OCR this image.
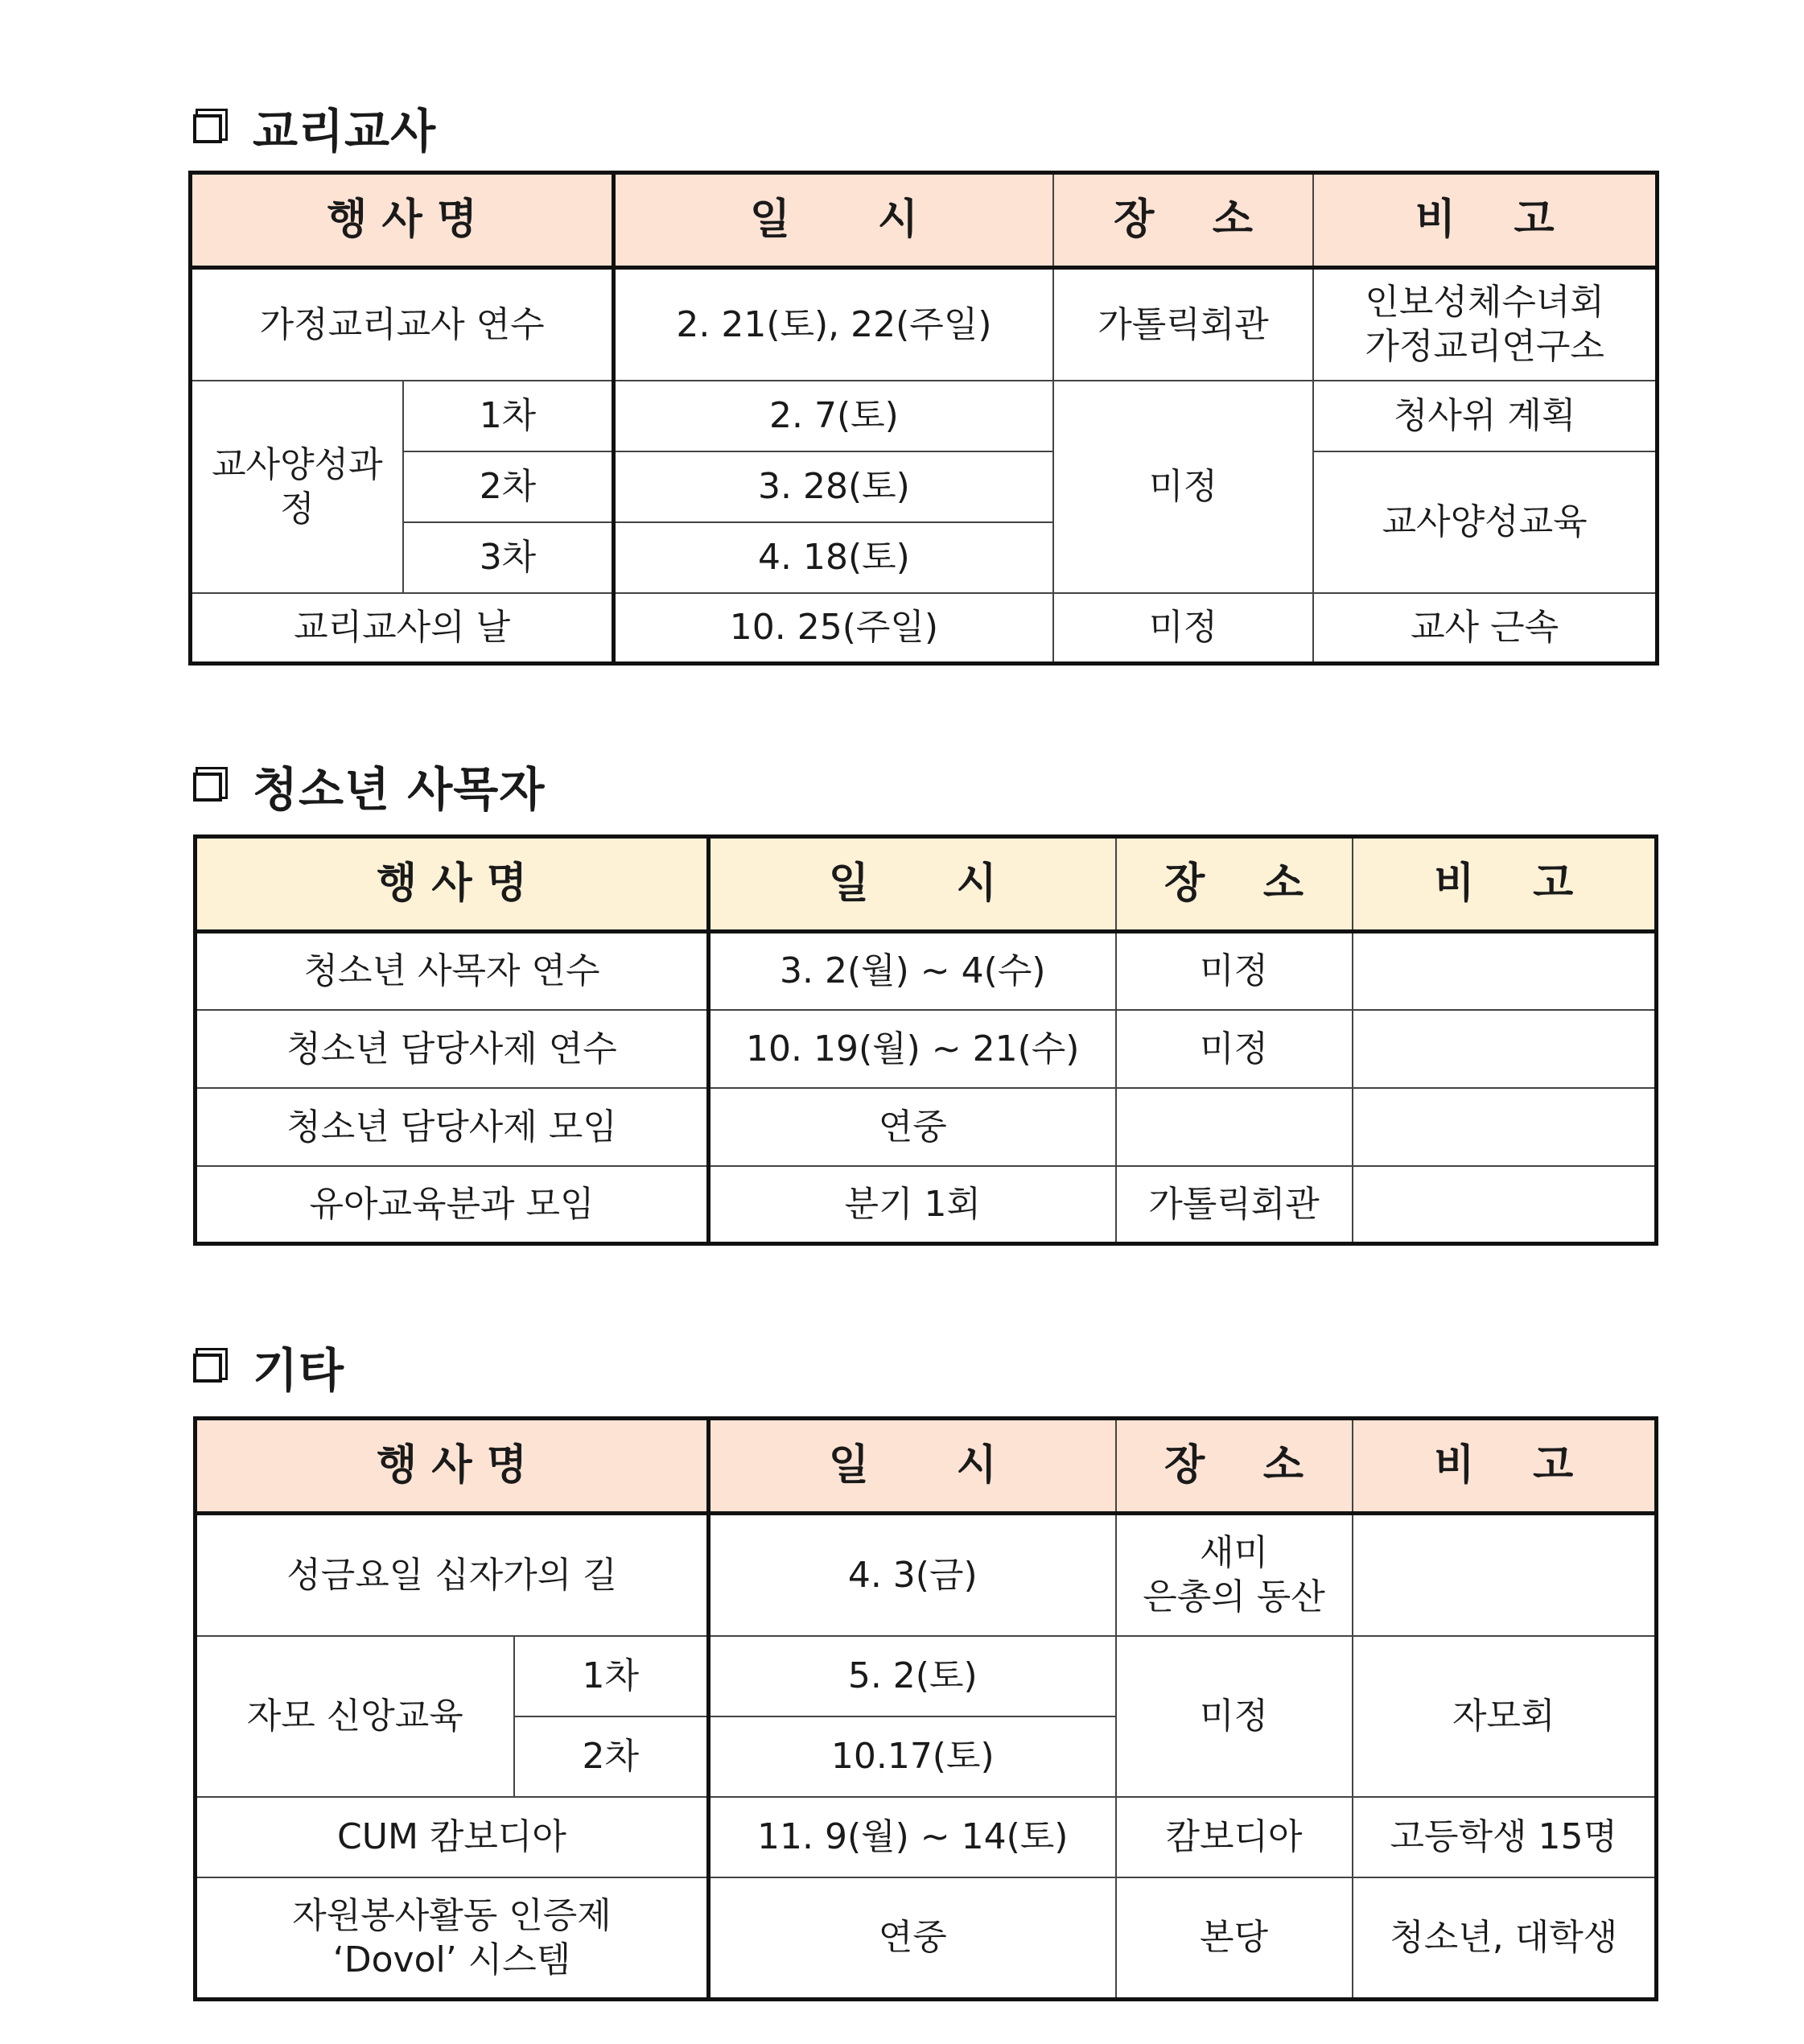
교리교사
행 사 명		일      시	장    소	비    고
가정교리교사 연수		2. 21(토), 22(주일)	가톨릭회관	인보성체수녀회
가정교리연구소
교사양성과정	1차	2. 7(토)	미정	청사위 계획
	2차	3. 28(토)		교사양성교육
	3차	4. 18(토)		
교리교사의 날		10. 25(주일)	미정	교사 근속
청소년 사목자
행 사 명	일      시	장    소	비    고
청소년 사목자 연수	3. 2(월) ~ 4(수)	미정	
청소년 담당사제 연수	10. 19(월) ~ 21(수)	미정	
청소년 담당사제 모임	연중		
유아교육분과 모임	분기 1회	가톨릭회관	
기타
행 사 명		일      시	장    소	비    고
성금요일 십자가의 길		4. 3(금)	새미
은총의 동산	
자모 신앙교육	1차	5. 2(토)	미정	자모회
	2차	10.17(토)		
CUM 캄보디아		11. 9(월) ~ 14(토)	캄보디아	고등학생 15명
자원봉사활동 인증제
‘Dovol’ 시스템		연중	본당	청소년, 대학생
